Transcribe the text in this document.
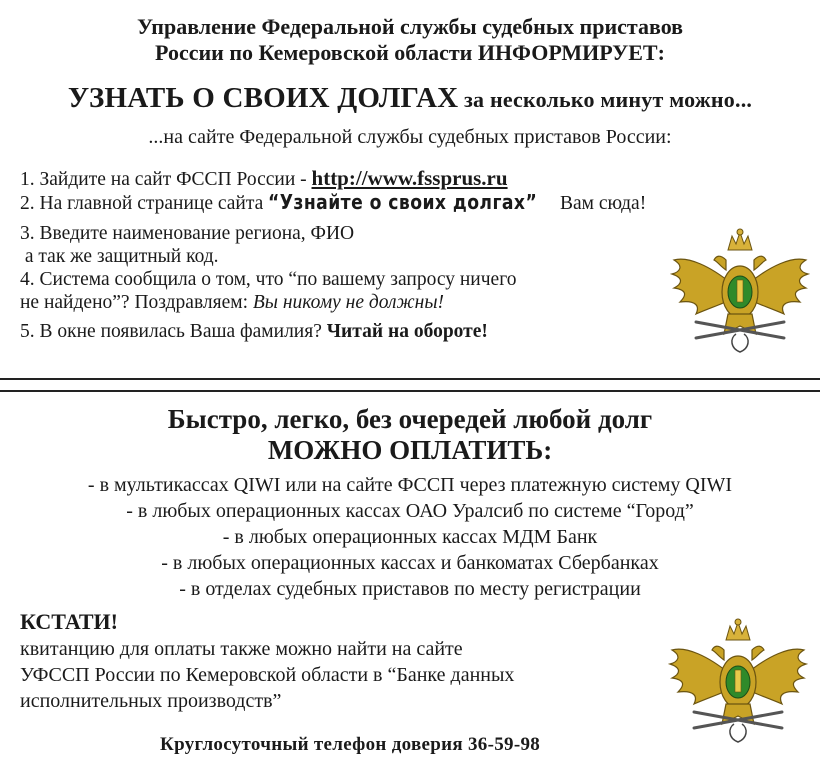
Управление Федеральной службы судебных приставов
России по Кемеровской области ИНФОРМИРУЕТ:
УЗНАТЬ О СВОИХ ДОЛГАХ за несколько минут можно...
...на сайте Федеральной службы судебных приставов России:
1. Зайдите на сайт ФССП России - http://www.fssprus.ru
2. На главной странице сайта “Узнайте о своих долгах” Вам сюда!
3. Введите наименование региона, ФИО
а так же защитный код.
4. Система сообщила о том, что “по вашему запросу ничего
не найдено”? Поздравляем: Вы никому не должны!
5. В окне появилась Ваша фамилия? Читай на обороте!
Быстро, легко, без очередей любой долг
МОЖНО ОПЛАТИТЬ:
- в мультикассах QIWI или на сайте ФССП через платежную систему QIWI
- в любых операционных кассах ОАО Уралсиб по системе “Город”
- в любых операционных кассах МДМ Банк
- в любых операционных кассах и банкоматах Сбербанках
- в отделах судебных приставов по месту регистрации
КСТАТИ!
квитанцию для оплаты также можно найти на сайте
УФССП России по Кемеровской области в “Банке данных
исполнительных производств”
Круглосуточный телефон доверия 36-59-98
